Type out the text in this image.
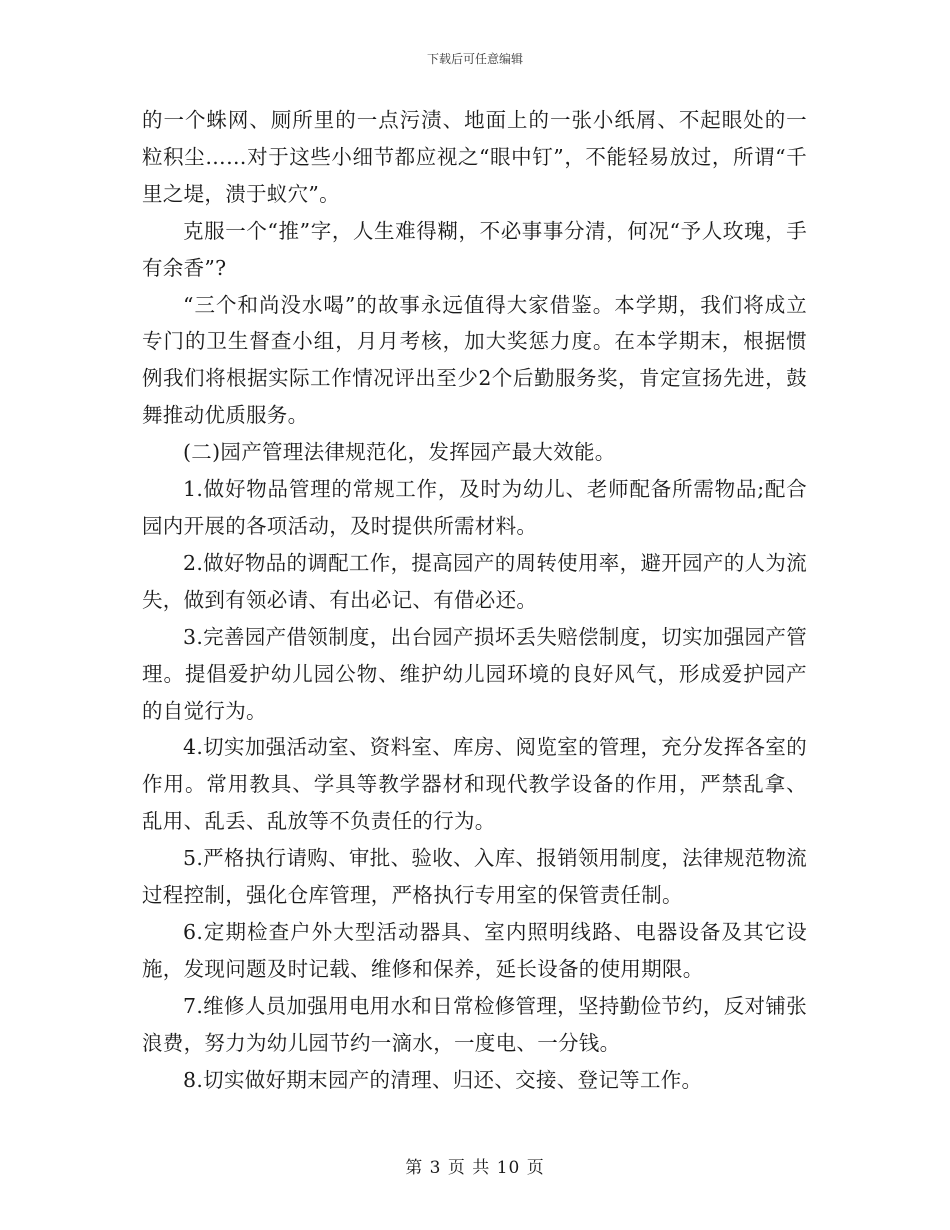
下载后可任意编辑

的一个蛛网、厕所里的一点污渍、地面上的一张小纸屑、不起眼处的一粒积尘……对于这些小细节都应视之“眼中钉”，不能轻易放过，所谓“千里之堤，溃于蚁穴”。

克服一个“推”字，人生难得糊，不必事事分清，何况“予人玫瑰，手有余香”?

“三个和尚没水喝”的故事永远值得大家借鉴。本学期，我们将成立专门的卫生督查小组，月月考核，加大奖惩力度。在本学期末，根据惯例我们将根据实际工作情况评出至少2个后勤服务奖，肯定宣扬先进，鼓舞推动优质服务。

(二)园产管理法律规范化，发挥园产最大效能。

1.做好物品管理的常规工作，及时为幼儿、老师配备所需物品;配合园内开展的各项活动，及时提供所需材料。

2.做好物品的调配工作，提高园产的周转使用率，避开园产的人为流失，做到有领必请、有出必记、有借必还。

3.完善园产借领制度，出台园产损坏丢失赔偿制度，切实加强园产管理。提倡爱护幼儿园公物、维护幼儿园环境的良好风气，形成爱护园产的自觉行为。

4.切实加强活动室、资料室、库房、阅览室的管理，充分发挥各室的作用。常用教具、学具等教学器材和现代教学设备的作用，严禁乱拿、乱用、乱丢、乱放等不负责任的行为。

5.严格执行请购、审批、验收、入库、报销领用制度，法律规范物流过程控制，强化仓库管理，严格执行专用室的保管责任制。

6.定期检查户外大型活动器具、室内照明线路、电器设备及其它设施，发现问题及时记载、维修和保养，延长设备的使用期限。

7.维修人员加强用电用水和日常检修管理，坚持勤俭节约，反对铺张浪费，努力为幼儿园节约一滴水，一度电、一分钱。

8.切实做好期末园产的清理、归还、交接、登记等工作。

第 3 页 共 10 页
